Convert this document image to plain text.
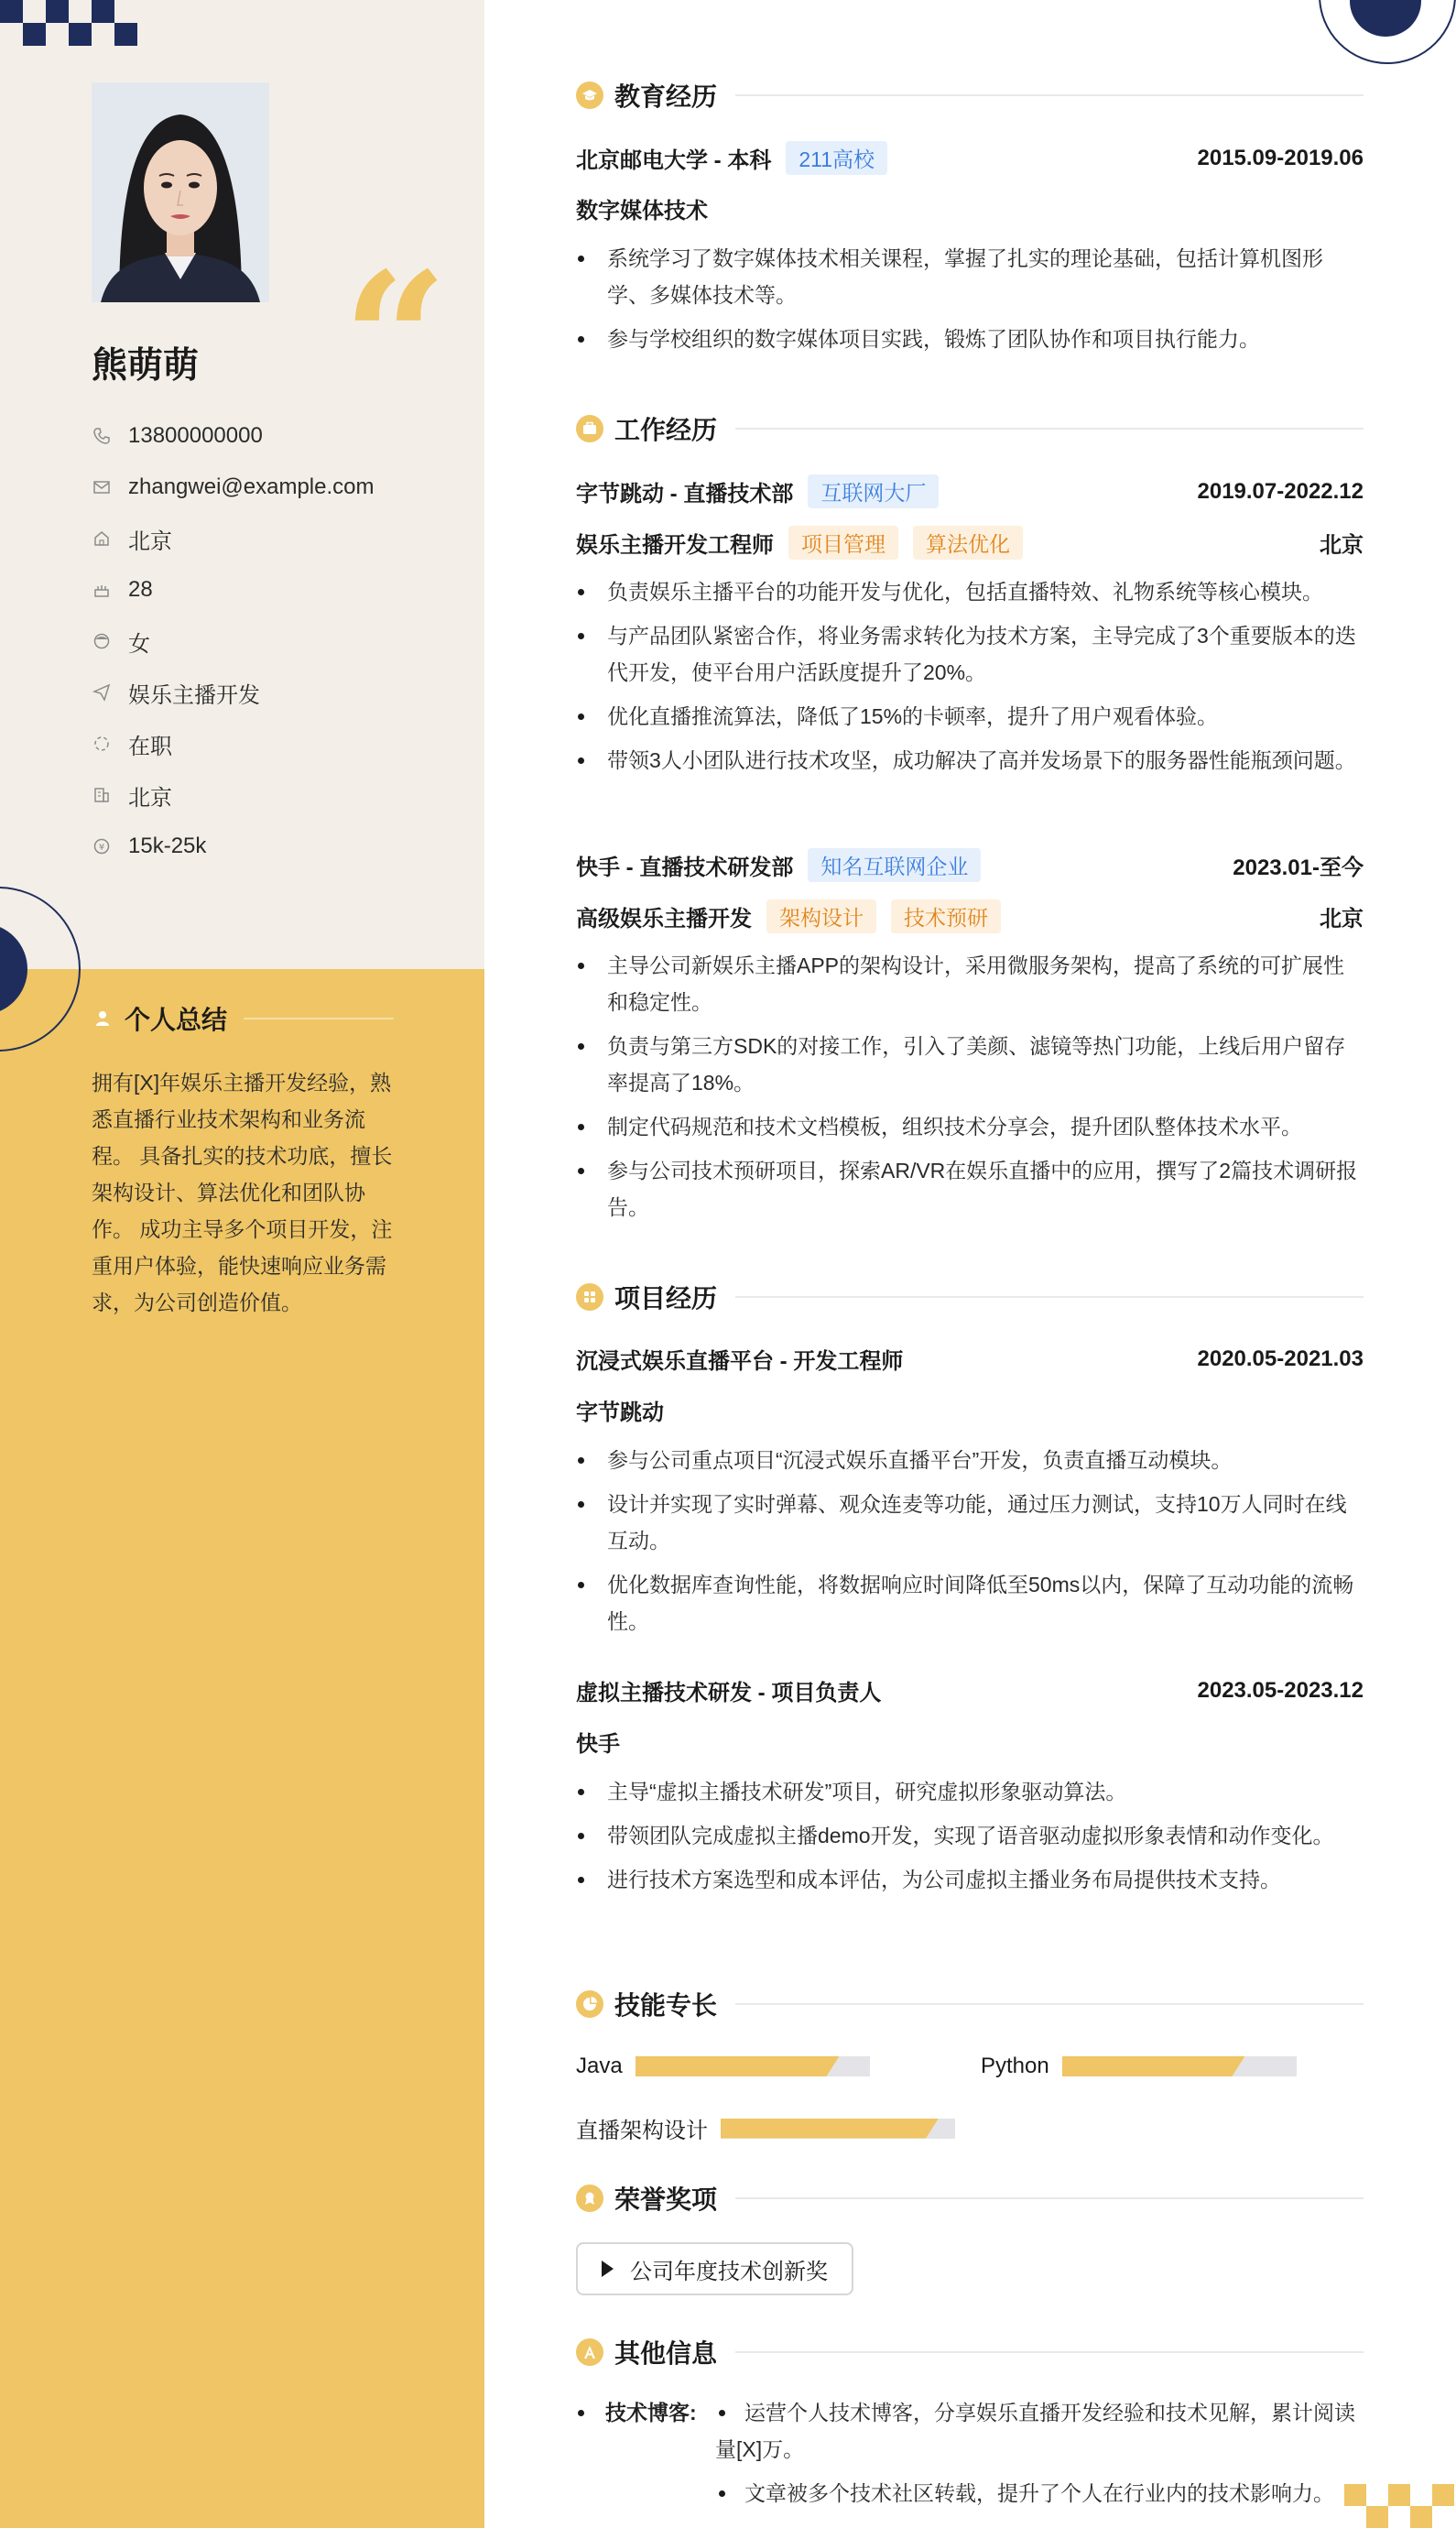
“
熊萌萌
13800000000
zhangwei@example.com
北京
28
女
娱乐主播开发
在职
北京
¥ 15k-25k
个人总结
拥有[X]年娱乐主播开发经验，熟悉直播行业技术架构和业务流程。 具备扎实的技术功底，擅长架构设计、算法优化和团队协作。 成功主导多个项目开发，注重用户体验，能快速响应业务需求，为公司创造价值。
教育经历
北京邮电大学 - 本科	211高校	2015.09-2019.06
数字媒体技术
系统学习了数字媒体技术相关课程，掌握了扎实的理论基础，包括计算机图形学、多媒体技术等。
参与学校组织的数字媒体项目实践，锻炼了团队协作和项目执行能力。
工作经历
字节跳动 - 直播技术部	互联网大厂	2019.07-2022.12
娱乐主播开发工程师	项目管理	算法优化	北京
负责娱乐主播平台的功能开发与优化，包括直播特效、礼物系统等核心模块。
与产品团队紧密合作，将业务需求转化为技术方案，主导完成了3个重要版本的迭代开发，使平台用户活跃度提升了20%。
优化直播推流算法，降低了15%的卡顿率，提升了用户观看体验。
带领3人小团队进行技术攻坚，成功解决了高并发场景下的服务器性能瓶颈问题。
快手 - 直播技术研发部	知名互联网企业	2023.01-至今
高级娱乐主播开发	架构设计	技术预研	北京
主导公司新娱乐主播APP的架构设计，采用微服务架构，提高了系统的可扩展性和稳定性。
负责与第三方SDK的对接工作，引入了美颜、滤镜等热门功能，上线后用户留存率提高了18%。
制定代码规范和技术文档模板，组织技术分享会，提升团队整体技术水平。
参与公司技术预研项目，探索AR/VR在娱乐直播中的应用，撰写了2篇技术调研报告。
项目经历
沉浸式娱乐直播平台 - 开发工程师	2020.05-2021.03
字节跳动
参与公司重点项目“沉浸式娱乐直播平台”开发，负责直播互动模块。
设计并实现了实时弹幕、观众连麦等功能，通过压力测试，支持10万人同时在线互动。
优化数据库查询性能，将数据响应时间降低至50ms以内，保障了互动功能的流畅性。
虚拟主播技术研发 - 项目负责人	2023.05-2023.12
快手
主导“虚拟主播技术研发”项目，研究虚拟形象驱动算法。
带领团队完成虚拟主播demo开发，实现了语音驱动虚拟形象表情和动作变化。
进行技术方案选型和成本评估，为公司虚拟主播业务布局提供技术支持。
技能专长
Java	Python
直播架构设计
荣誉奖项
公司年度技术创新奖
其他信息
技术博客:	运营个人技术博客，分享娱乐直播开发经验和技术见解，累计阅读量[X]万。
文章被多个技术社区转载，提升了个人在行业内的技术影响力。
